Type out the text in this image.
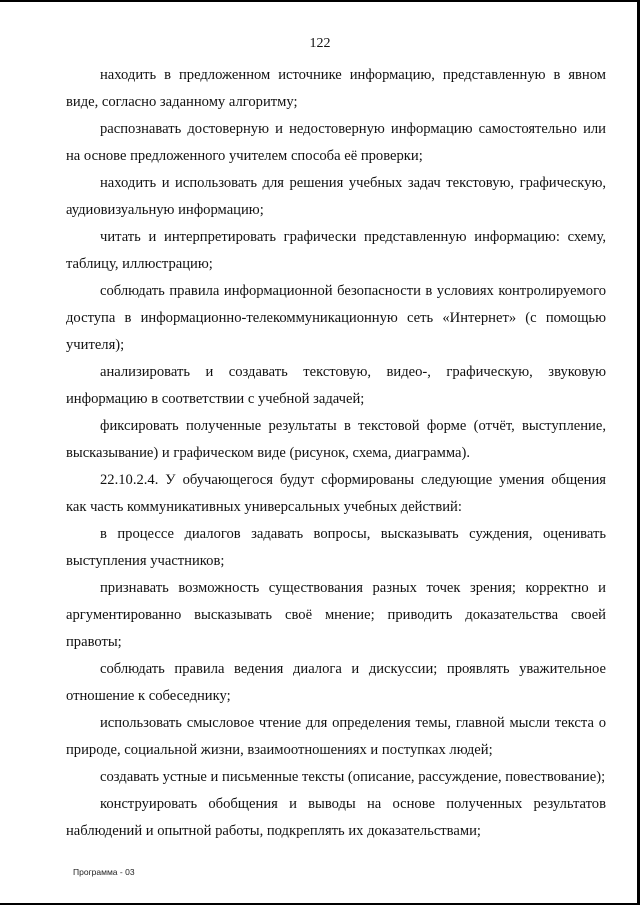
122

находить в предложенном источнике информацию, представленную в явном виде, согласно заданному алгоритму;

распознавать достоверную и недостоверную информацию самостоятельно или на основе предложенного учителем способа её проверки;

находить и использовать для решения учебных задач текстовую, графическую, аудиовизуальную информацию;

читать и интерпретировать графически представленную информацию: схему, таблицу, иллюстрацию;

соблюдать правила информационной безопасности в условиях контролируемого доступа в информационно-телекоммуникационную сеть «Интернет» (с помощью учителя);

анализировать и создавать текстовую, видео-, графическую, звуковую информацию в соответствии с учебной задачей;

фиксировать полученные результаты в текстовой форме (отчёт, выступление, высказывание) и графическом виде (рисунок, схема, диаграмма).

22.10.2.4. У обучающегося будут сформированы следующие умения общения как часть коммуникативных универсальных учебных действий:

в процессе диалогов задавать вопросы, высказывать суждения, оценивать выступления участников;

признавать возможность существования разных точек зрения; корректно и аргументированно высказывать своё мнение; приводить доказательства своей правоты;

соблюдать правила ведения диалога и дискуссии; проявлять уважительное отношение к собеседнику;

использовать смысловое чтение для определения темы, главной мысли текста о природе, социальной жизни, взаимоотношениях и поступках людей;

создавать устные и письменные тексты (описание, рассуждение, повествование);

конструировать обобщения и выводы на основе полученных результатов наблюдений и опытной работы, подкреплять их доказательствами;

Программа - 03
